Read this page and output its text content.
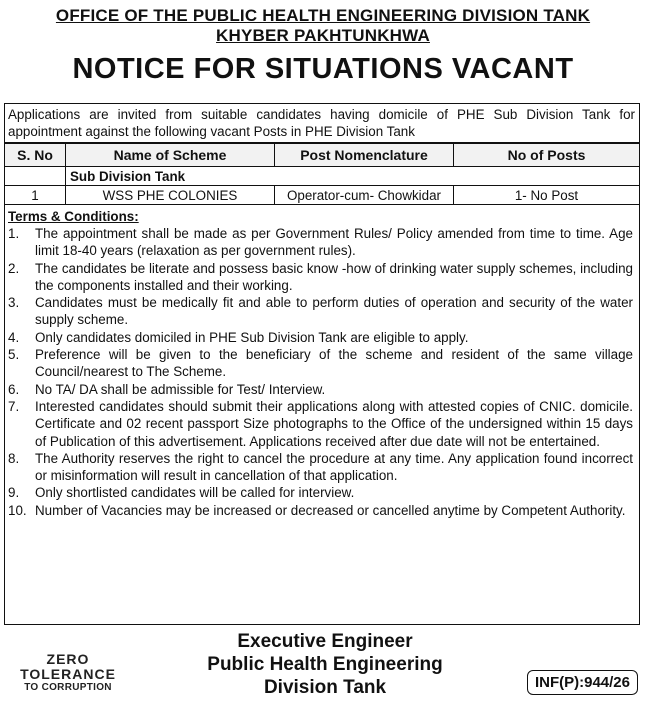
OFFICE OF THE PUBLIC HEALTH ENGINEERING DIVISION TANK
KHYBER PAKHTUNKHWA
NOTICE FOR SITUATIONS VACANT
Applications are invited from suitable candidates having domicile of PHE Sub Division Tank for appointment against the following vacant Posts in PHE Division Tank
S. No	Name of Scheme	Post Nomenclature	No of Posts
	Sub Division Tank		
1	WSS PHE COLONIES	Operator-cum- Chowkidar	1- No Post
Terms & Conditions:
1.	The appointment shall be made as per Government Rules/ Policy amended from time to time. Age limit 18-40 years (relaxation as per government rules).
2.	The candidates be literate and possess basic know -how of drinking water supply schemes, including the components installed and their working.
3.	Candidates must be medically fit and able to perform duties of operation and security of the water supply scheme.
4.	Only candidates domiciled in PHE Sub Division Tank are eligible to apply.
5.	Preference will be given to the beneficiary of the scheme and resident of the same village Council/nearest to The Scheme.
6.	No TA/ DA shall be admissible for Test/ Interview.
7.	Interested candidates should submit their applications along with attested copies of CNIC. domicile. Certificate and 02 recent passport Size photographs to the Office of the undersigned within 15 days of Publication of this advertisement. Applications received after due date will not be entertained.
8.	The Authority reserves the right to cancel the procedure at any time. Any application found incorrect or misinformation will result in cancellation of that application.
9.	Only shortlisted candidates will be called for interview.
10. Number of Vacancies may be increased or decreased or cancelled anytime by Competent Authority.
ZERO
TOLERANCE
TO CORRUPTION
Executive Engineer
Public Health Engineering
Division Tank	INF(P):944/26
